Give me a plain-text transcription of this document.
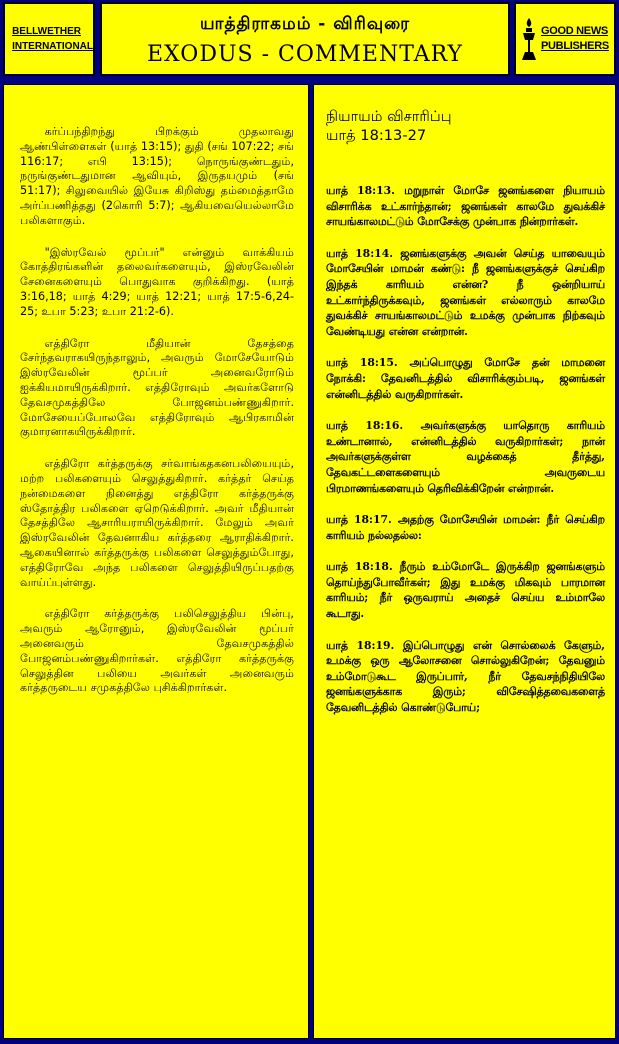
BELLWETHER
INTERNATIONAL
யாத்திராகமம் - விரிவுரை
EXODUS - COMMENTARY
GOOD NEWS
PUBLISHERS

கர்ப்பந்திறந்து பிறக்கும் முதலாவது ஆண்பிள்ளைகள் (யாத் 13:15); துதி (சங் 107:22; சங் 116:17; எபி 13:15); நொருங்குண்டதும், நருங்குண்டதுமான ஆவியும், இருதயமும் (சங் 51:17); சிலுவையில் இயேசு கிறிஸ்து தம்மைத்தாமே அர்ப்பணித்தது (2கொரி 5:7); ஆகியவையெல்லாமே பலிகளாகும்.

"இஸ்ரவேல் மூப்பர்" என்னும் வாக்கியம் கோத்திரங்களின் தலைவர்களையும், இஸ்ரவேலின் சேனைகளையும் பொதுவாக குறிக்கிறது. (யாத் 3:16,18; யாத் 4:29; யாத் 12:21; யாத் 17:5-6,24-25; உபா 5:23; உபா 21:2-6).

எத்திரோ மீதியான் தேசத்தை சேர்ந்தவராகயிருந்தாலும், அவரும் மோசேயோடும் இஸ்ரவேலின் மூப்பர் அனைவரோடும் ஐக்கியமாயிருக்கிறார். எத்திரோவும் அவர்களோடு தேவசமுகத்திலே போஜனம்பண்ணுகிறார். மோசேயைப்போலவே எத்திரோவும் ஆபிரகாமின் குமாரனாகயிருக்கிறார்.

எத்திரோ கர்த்தருக்கு சர்வாங்கதகனபலியையும், மற்ற பலிகளையும் செலுத்துகிறார். கர்த்தர் செய்த நன்மைகளை நினைத்து எத்திரோ கர்த்தருக்கு ஸ்தோத்திர பலிகளை ஏறெடுக்கிறார். அவர் மீதியான் தேசத்திலே ஆசாரியராயிருக்கிறார். மேலும் அவர் இஸ்ரவேலின் தேவனாகிய கர்த்தரை ஆராதிக்கிறார். ஆகையினால் கர்த்தருக்கு பலிகளை செலுத்தும்போது, எத்திரோவே அந்த பலிகளை செலுத்தியிருப்பதற்கு வாய்ப்புள்ளது.

எத்திரோ கர்த்தருக்கு பலிசெலுத்திய பின்பு, அவரும் ஆரோனும், இஸ்ரவேலின் மூப்பர் அனைவரும் தேவசமுகத்தில் போஜனம்பண்ணுகிறார்கள். எத்திரோ கர்த்தருக்கு செலுத்தின பலியை அவர்கள் அனைவரும் கர்த்தருடைய சமுகத்திலே புசிக்கிறார்கள்.

நியாயம் விசாரிப்பு
யாத் 18:13-27

யாத் 18:13. மறுநாள் மோசே ஜனங்களை நியாயம் விசாரிக்க உட்கார்ந்தான்; ஜனங்கள் காலமே துவக்கிச் சாயங்காலமட்டும் மோசேக்கு முன்பாக நின்றார்கள்.

யாத் 18:14. ஜனங்களுக்கு அவன் செய்த யாவையும் மோசேயின் மாமன் கண்டு: நீ ஜனங்களுக்குச் செய்கிற இந்தக் காரியம் என்ன? நீ ஒன்றியாய் உட்கார்ந்திருக்கவும், ஜனங்கள் எல்லாரும் காலமே துவக்கிச் சாயங்காலமட்டும் உமக்கு முன்பாக நிற்கவும் வேண்டியது என்ன என்றான்.

யாத் 18:15. அப்பொழுது மோசே தன் மாமனை நோக்கி: தேவனிடத்தில் விசாரிக்கும்படி, ஜனங்கள் என்னிடத்தில் வருகிறார்கள்.

யாத் 18:16. அவர்களுக்கு யாதொரு காரியம் உண்டானால், என்னிடத்தில் வருகிறார்கள்; நான் அவர்களுக்குள்ள வழக்கைத் தீர்த்து, தேவகட்டளைகளையும் அவருடைய பிரமாணங்களையும் தெரிவிக்கிறேன் என்றான்.

யாத் 18:17. அதற்கு மோசேயின் மாமன்: நீர் செய்கிற காரியம் நல்லதல்ல:

யாத் 18:18. நீரும் உம்மோடே இருக்கிற ஜனங்களும் தொய்ந்துபோவீர்கள்; இது உமக்கு மிகவும் பாரமான காரியம்; நீர் ஒருவராய் அதைச் செய்ய உம்மாலே கூடாது.

யாத் 18:19. இப்பொழுது என் சொல்லைக் கேளும், உமக்கு ஒரு ஆலோசனை சொல்லுகிறேன்; தேவனும் உம்மோடுகூட இருப்பார், நீர் தேவசந்நிதியிலே ஜனங்களுக்காக இரும்; விசேஷித்தவைகளைத் தேவனிடத்தில் கொண்டுபோய்;
